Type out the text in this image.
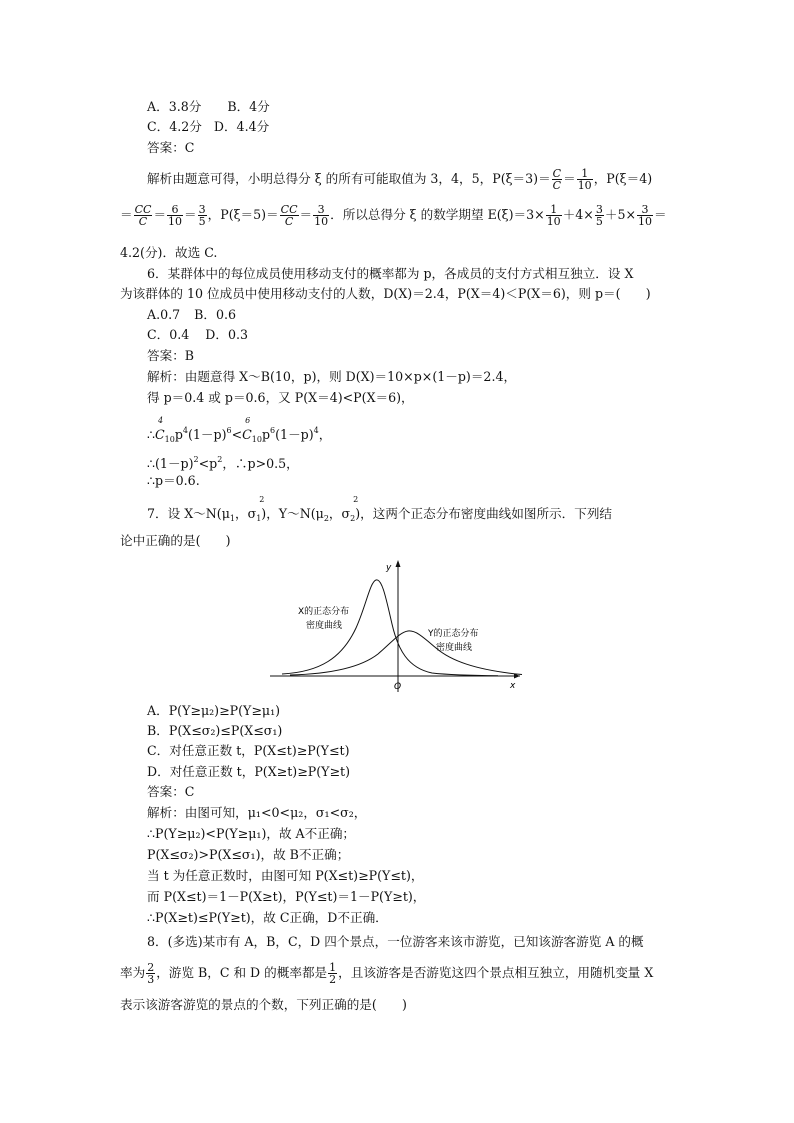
A．3.8分 B．4分
C．4.2分 D．4.4分
答案：C
解析由题意可得，小明总得分 ξ 的所有可能取值为 3，4，5，$P(\xi=3)= \frac{C}{C} = \frac{1}{10}$ ，P(ξ＝4)
＝ $\frac{CC}{C} = \frac{6}{10} = \frac{3}{5}$ ，$P(\xi=5)= \frac{CC}{C} = \frac{3}{10}$ ．所以总得分 ξ 的数学期望 $E(\xi)=3\times \frac{1}{10} +4\times \frac{3}{5} +5\times \frac{3}{10}$ ＝
4.2(分)．故选 C.
6．某群体中的每位成员使用移动支付的概率都为 p，各成员的支付方式相互独立．设 X
为该群体的 10 位成员中使用移动支付的人数，D(X)＝2.4，P(X＝4)＜P(X＝6)，则 p＝(　　)
A.0.7 B．0.6
C．0.4 D．0.3
答案：B
解析：由题意得 X～B(10，p)，则 D(X)＝10×p×(1－p)＝2.4，
得 p＝0.4 或 p＝0.6，又 P(X＝4)<P(X＝6)，
∴C
4
$_{10}p^4(1-p)^6<C$
6
$_{10}p^6(1-p)^4$，
$\therefore(1-p)^2<p^2$，∴p>0.5，
∴p＝0.6.
7．设 $X\sim N(\mu_1$，σ
2
$_1$)，$Y\sim N(\mu_2$，σ
2
$_2$)，这两个正态分布密度曲线如图所示．下列结
论中正确的是(　　)
y
x
O
X的正态分布
密度曲线
Y的正态分布
密度曲线
A．P(Y≥μ₂)≥P(Y≥μ₁)
B．P(X≤σ₂)≤P(X≤σ₁)
C．对任意正数 t，P(X≤t)≥P(Y≤t)
D．对任意正数 t，P(X≥t)≥P(Y≥t)
答案：C
解析：由图可知，μ₁<0<μ₂，σ₁<σ₂，
∴P(Y≥μ₂)<P(Y≥μ₁)，故 A不正确；
P(X≤σ₂)>P(X≤σ₁)，故 B不正确；
当 t 为任意正数时，由图可知 P(X≤t)≥P(Y≤t)，
而 P(X≤t)＝1－P(X≥t)，P(Y≤t)＝1－P(Y≥t)，
∴P(X≥t)≤P(Y≥t)，故 C正确，D不正确．
8．(多选)某市有 A，B，C，D 四个景点，一位游客来该市游览，已知该游客游览 A 的概
率为 $\frac{2}{3}$ ，游览 B，C 和 D 的概率都是 $\frac{1}{2}$ ，且该游客是否游览这四个景点相互独立，用随机变量 X
表示该游客游览的景点的个数，下列正确的是(　　)
